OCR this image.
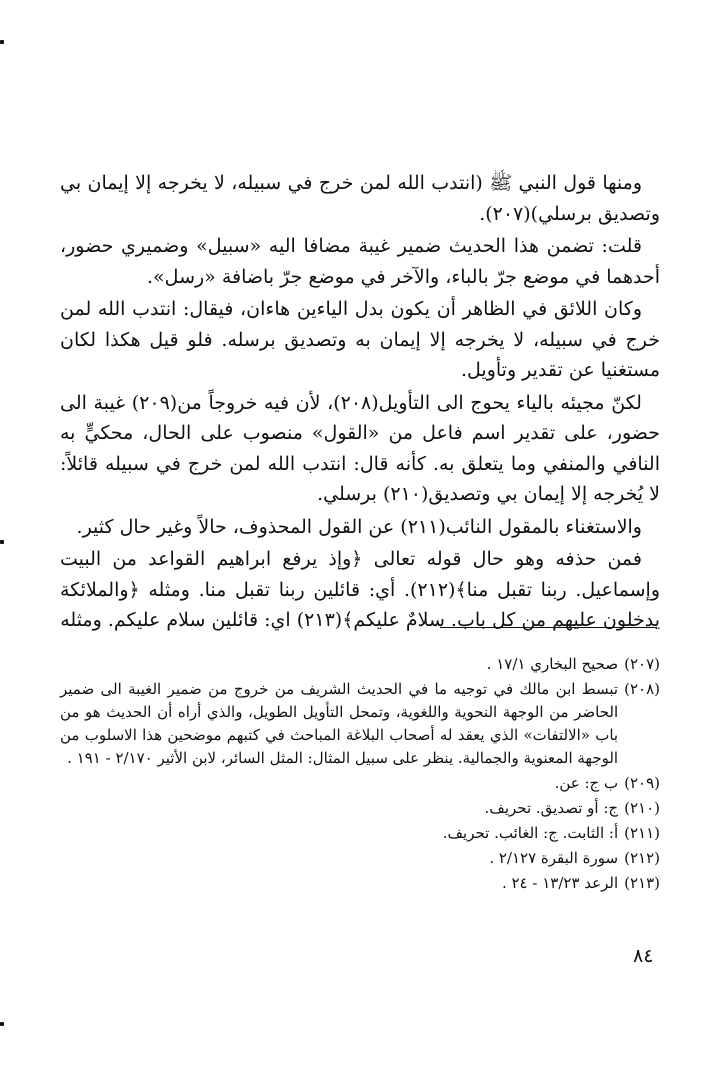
ومنها قول النبي ﷺ (انتدب الله لمن خرج في سبيله، لا يخرجه إلا إيمان بي وتصديق برسلي)(٢٠٧).

قلت: تضمن هذا الحديث ضمير غيبة مضافا اليه «سبيل» وضميري حضور، أحدهما في موضع جرّ بالباء، والآخر في موضع جرّ باضافة «رسل».

وكان اللائق في الظاهر أن يكون بدل الياءين هاءان، فيقال: انتدب الله لمن خرج في سبيله، لا يخرجه إلا إيمان به وتصديق برسله. فلو قيل هكذا لكان مستغنيا عن تقدير وتأويل.

لكنّ مجيئه بالياء يحوج الى التأويل(٢٠٨)، لأن فيه خروجاً من(٢٠٩) غيبة الى حضور، على تقدير اسم فاعل من «القول» منصوب على الحال، محكيٍّ به النافي والمنفي وما يتعلق به. كأنه قال: انتدب الله لمن خرج في سبيله قائلاً: لا يُخرجه إلا إيمان بي وتصديق(٢١٠) برسلي.

والاستغناء بالمقول النائب(٢١١) عن القول المحذوف، حالاً وغير حال كثير.

فمن حذفه وهو حال قوله تعالى ﴿وإذ يرفع ابراهيم القواعد من البيت وإسماعيل. ربنا تقبل منا﴾(٢١٢). أي: قائلين ربنا تقبل منا. ومثله ﴿والملائكة يدخلون عليهم من كل باب. سلامٌ عليكم﴾(٢١٣) اي: قائلين سلام عليكم. ومثله

(٢٠٧)
صحيح البخاري ١٧/١ .
(٢٠٨)
تبسط ابن مالك في توجيه ما في الحديث الشريف من خروج من ضمير الغيبة الى ضمير الحاضر من الوجهة النحوية واللغوية، وتمحل التأويل الطويل، والذي أراه أن الحديث هو من باب «الالتفات» الذي يعقد له أصحاب البلاغة المباحث في كتبهم موضحين هذا الاسلوب من الوجهة المعنوية والجمالية. ينظر على سبيل المثال: المثل السائر، لابن الأثير ٢/١٧٠ - ١٩١ .
(٢٠٩)
ب ج: عن.
(٢١٠)
ج: أو تصديق. تحريف.
(٢١١)
أ: الثابت. ج: الغائب. تحريف.
(٢١٢)
سورة البقرة ٢/١٢٧ .
(٢١٣)
الرعد ١٣/٢٣ - ٢٤ .
٨٤
